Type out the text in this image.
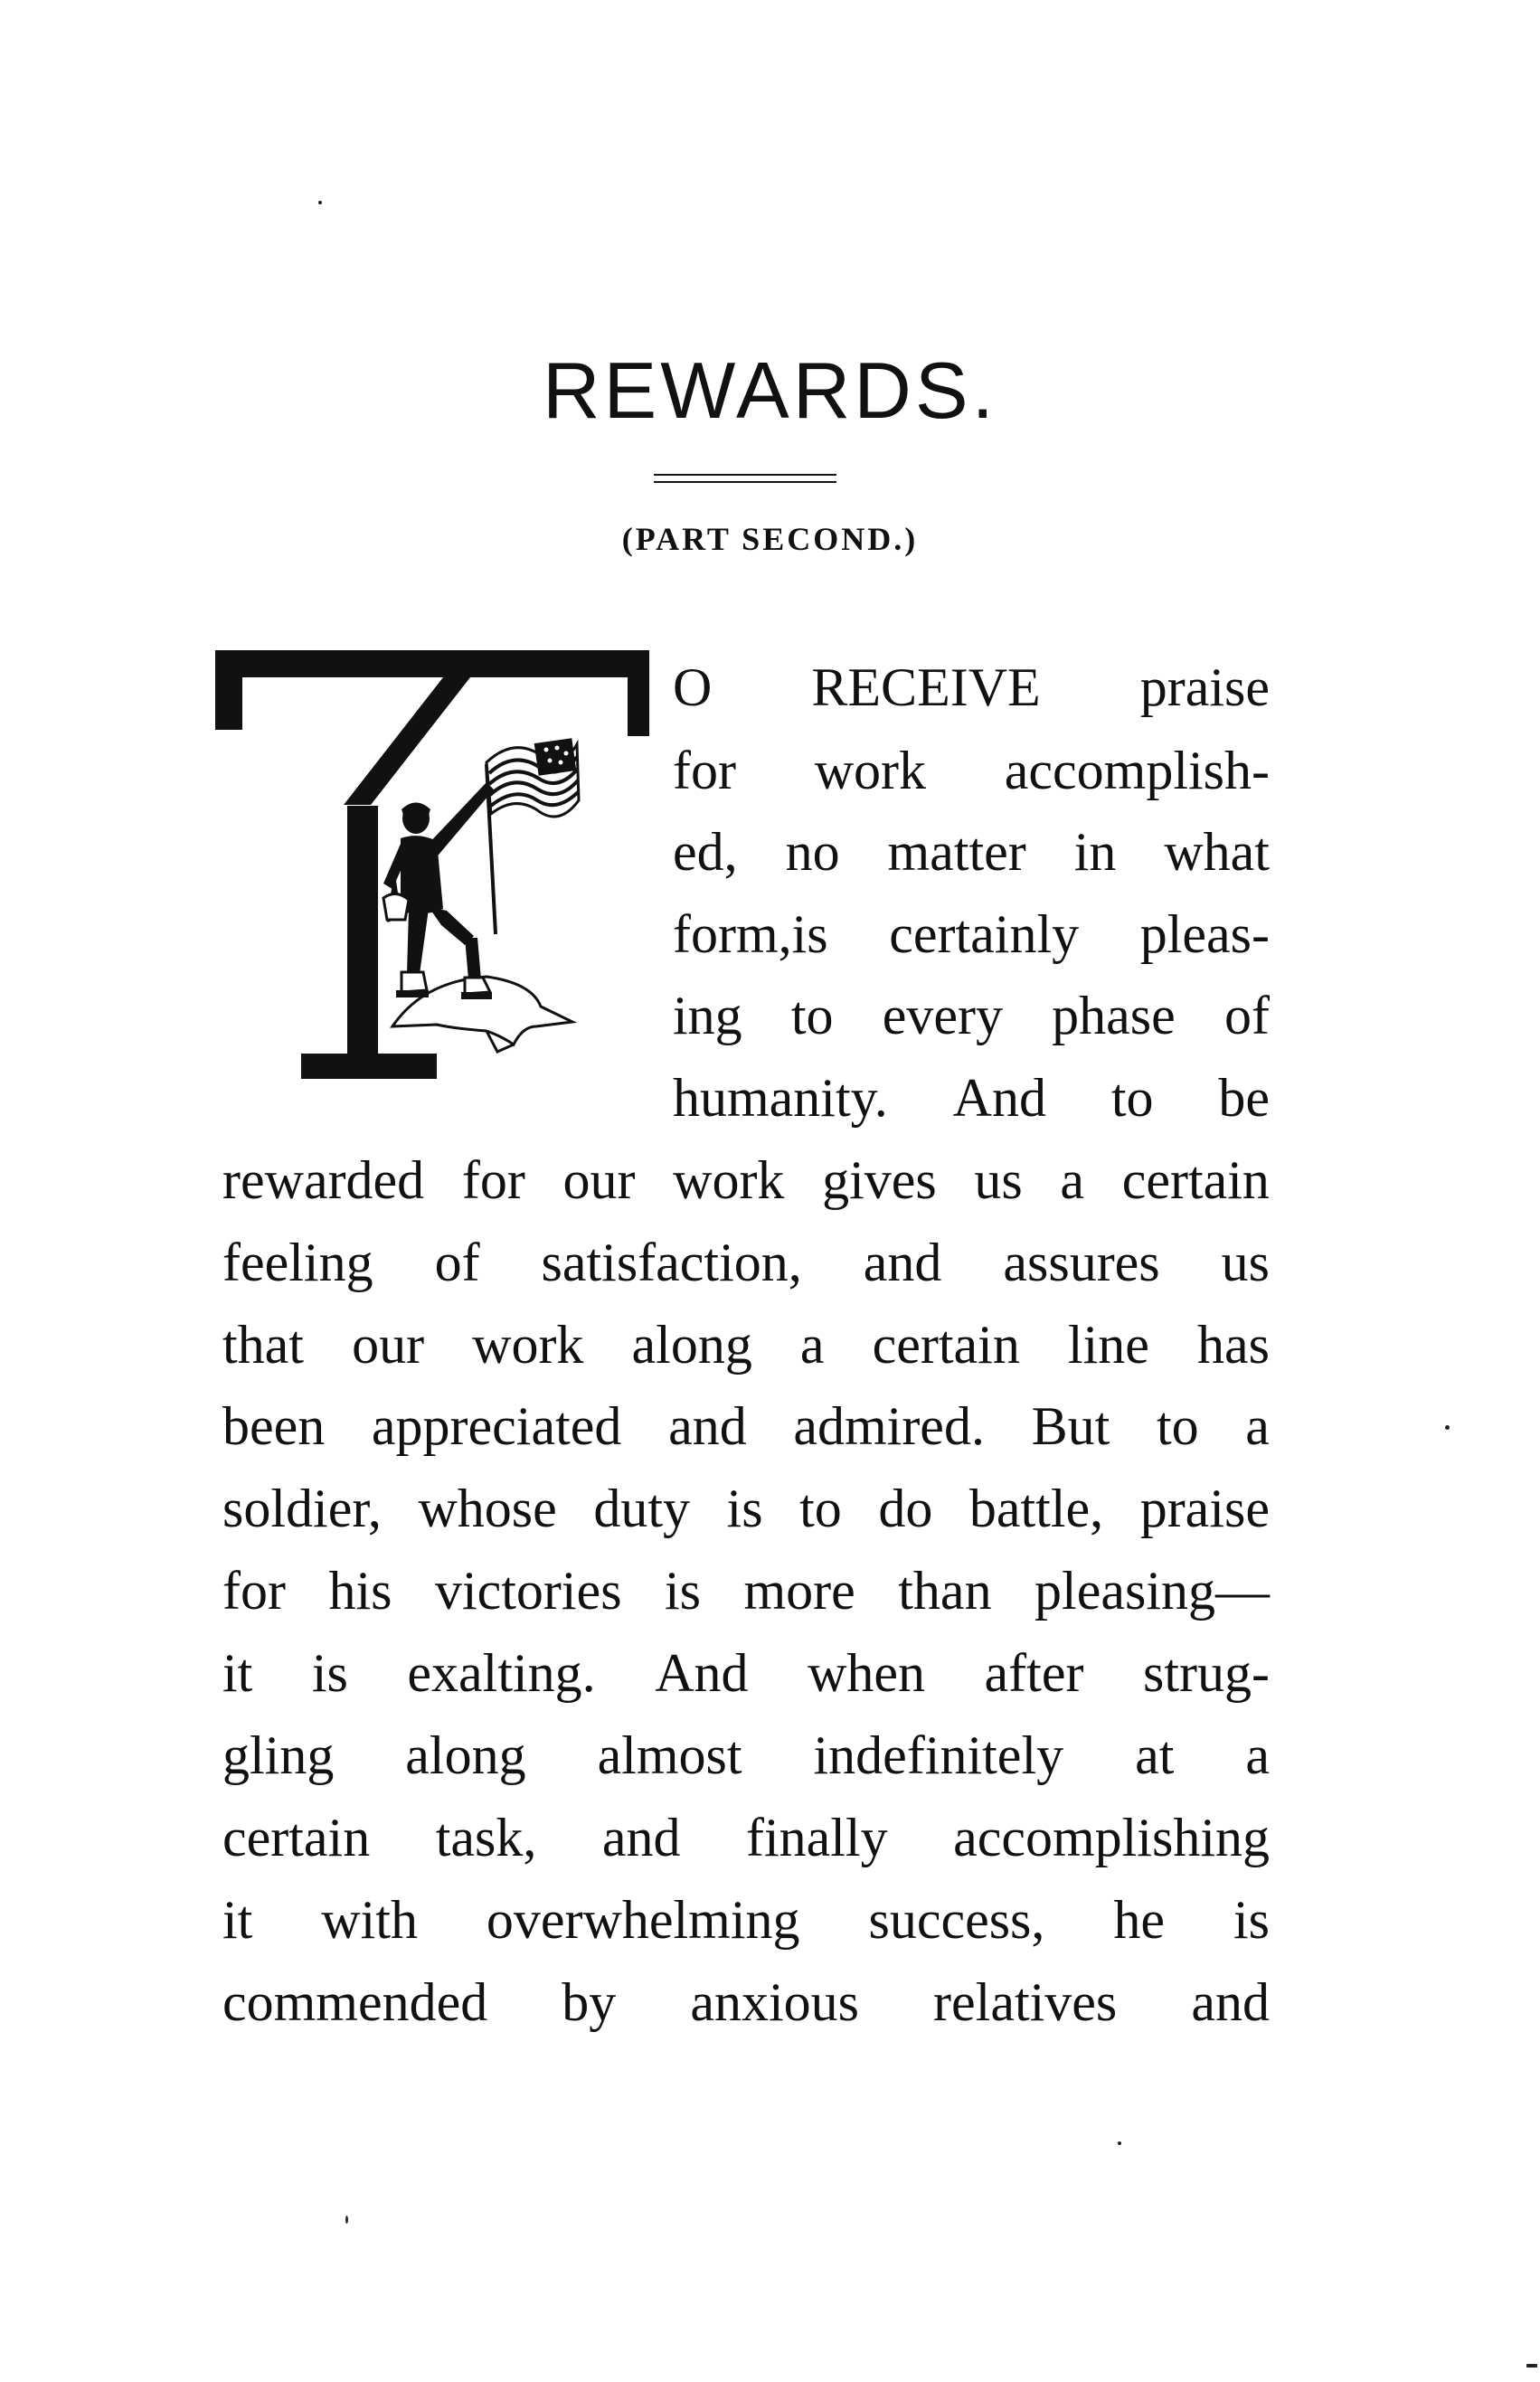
REWARDS.
(PART SECOND.)
O RECEIVE praise
for work accomplish-
ed, no matter in what
form,is certainly pleas-
ing to every phase of
humanity. And to be
rewarded for our work gives us a certain
feeling of satisfaction, and assures us
that our work along a certain line has
been appreciated and admired. But to a
soldier, whose duty is to do battle, praise
for his victories is more than pleasing—
it is exalting. And when after strug-
gling along almost indefinitely at a
certain task, and finally accomplishing
it with overwhelming success, he is
commended by anxious relatives and
